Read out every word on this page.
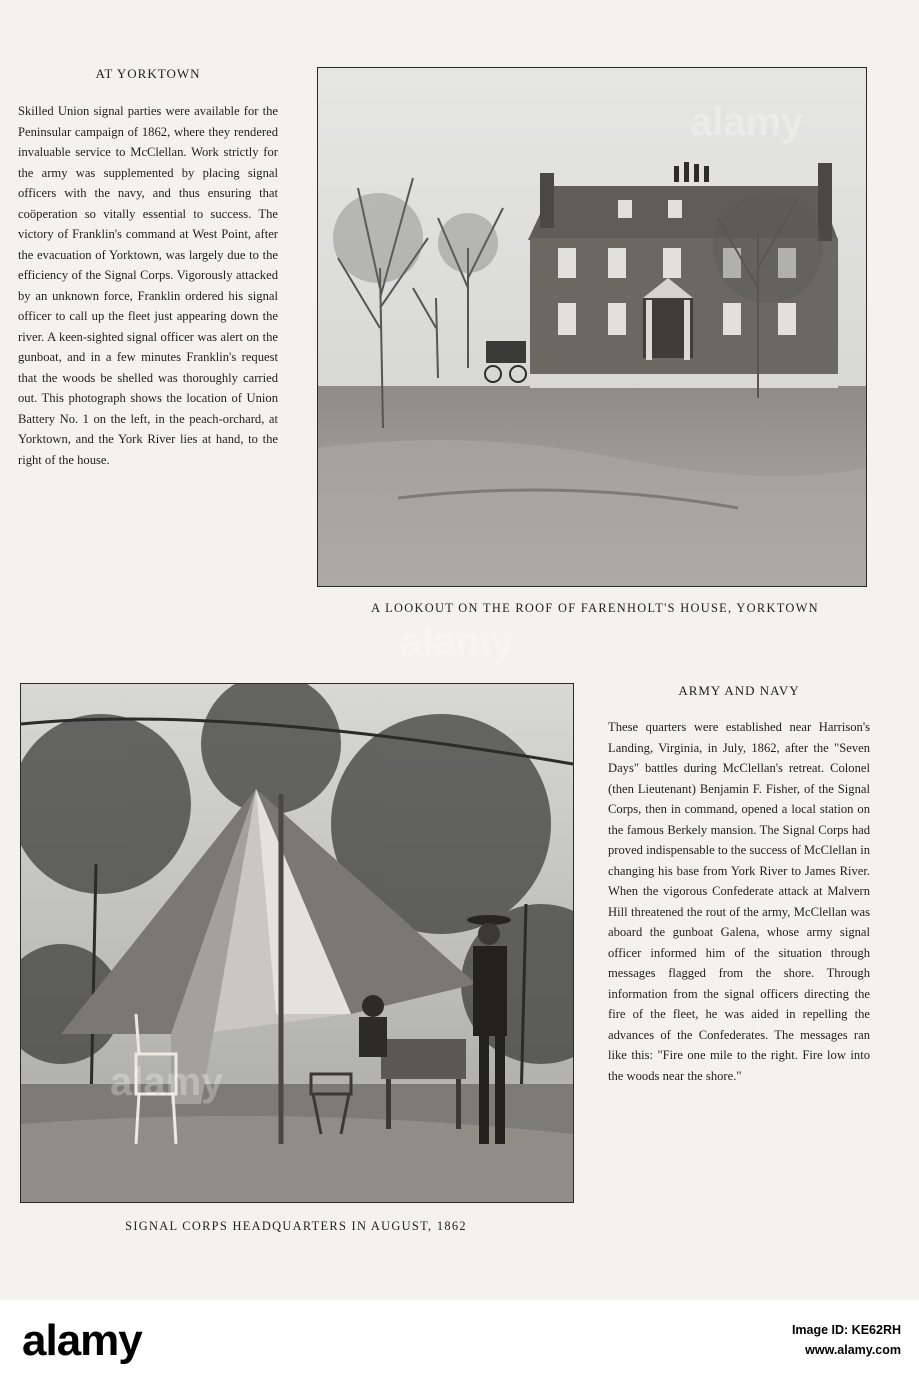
AT YORKTOWN
Skilled Union signal parties were available for the Peninsular campaign of 1862, where they rendered invaluable service to McClellan. Work strictly for the army was supplemented by placing signal officers with the navy, and thus ensuring that coöperation so vitally essential to success. The victory of Franklin's command at West Point, after the evacuation of Yorktown, was largely due to the efficiency of the Signal Corps. Vigorously attacked by an unknown force, Franklin ordered his signal officer to call up the fleet just appearing down the river. A keen-sighted signal officer was alert on the gunboat, and in a few minutes Franklin's request that the woods be shelled was thoroughly carried out. This photograph shows the location of Union Battery No. 1 on the left, in the peach-orchard, at Yorktown, and the York River lies at hand, to the right of the house.
A LOOKOUT ON THE ROOF OF FARENHOLT'S HOUSE, YORKTOWN
SIGNAL CORPS HEADQUARTERS IN AUGUST, 1862
ARMY AND NAVY
These quarters were established near Harrison's Landing, Virginia, in July, 1862, after the "Seven Days" battles during McClellan's retreat. Colonel (then Lieutenant) Benjamin F. Fisher, of the Signal Corps, then in command, opened a local station on the famous Berkely mansion. The Signal Corps had proved indispensable to the success of McClellan in changing his base from York River to James River. When the vigorous Confederate attack at Malvern Hill threatened the rout of the army, McClellan was aboard the gunboat Galena, whose army signal officer informed him of the situation through messages flagged from the shore. Through information from the signal officers directing the fire of the fleet, he was aided in repelling the advances of the Confederates. The messages ran like this: "Fire one mile to the right. Fire low into the woods near the shore."
alamy
alamy
alamy
alamy	Image ID: KE62RH
www.alamy.com
